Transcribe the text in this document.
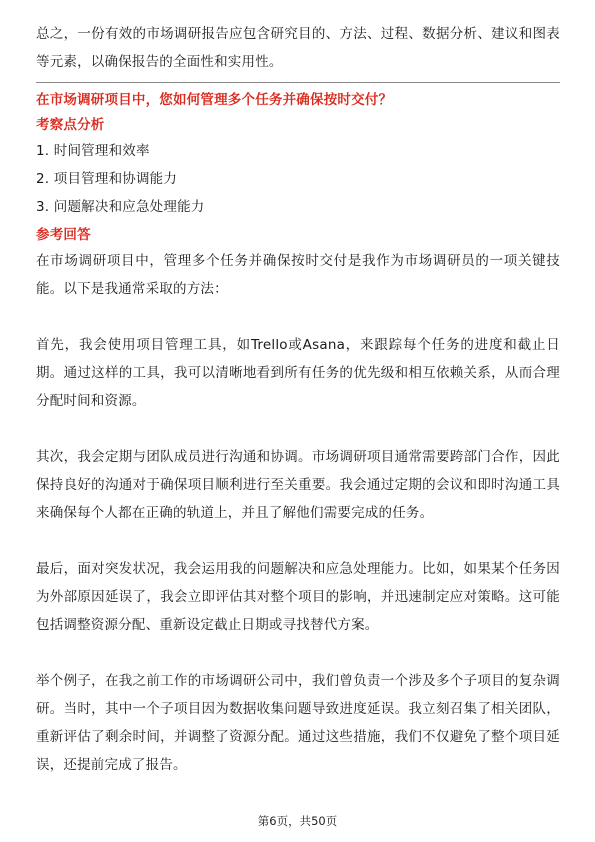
总之，一份有效的市场调研报告应包含研究目的、方法、过程、数据分析、建议和图表等元素，以确保报告的全面性和实用性。

在市场调研项目中，您如何管理多个任务并确保按时交付？

考察点分析

1. 时间管理和效率

2. 项目管理和协调能力

3. 问题解决和应急处理能力

参考回答

在市场调研项目中，管理多个任务并确保按时交付是我作为市场调研员的一项关键技能。以下是我通常采取的方法：

首先，我会使用项目管理工具，如Trello或Asana，来跟踪每个任务的进度和截止日期。通过这样的工具，我可以清晰地看到所有任务的优先级和相互依赖关系，从而合理分配时间和资源。

其次，我会定期与团队成员进行沟通和协调。市场调研项目通常需要跨部门合作，因此保持良好的沟通对于确保项目顺利进行至关重要。我会通过定期的会议和即时沟通工具来确保每个人都在正确的轨道上，并且了解他们需要完成的任务。

最后，面对突发状况，我会运用我的问题解决和应急处理能力。比如，如果某个任务因为外部原因延误了，我会立即评估其对整个项目的影响，并迅速制定应对策略。这可能包括调整资源分配、重新设定截止日期或寻找替代方案。

举个例子，在我之前工作的市场调研公司中，我们曾负责一个涉及多个子项目的复杂调研。当时，其中一个子项目因为数据收集问题导致进度延误。我立刻召集了相关团队，重新评估了剩余时间，并调整了资源分配。通过这些措施，我们不仅避免了整个项目延误，还提前完成了报告。

第6页，共50页
